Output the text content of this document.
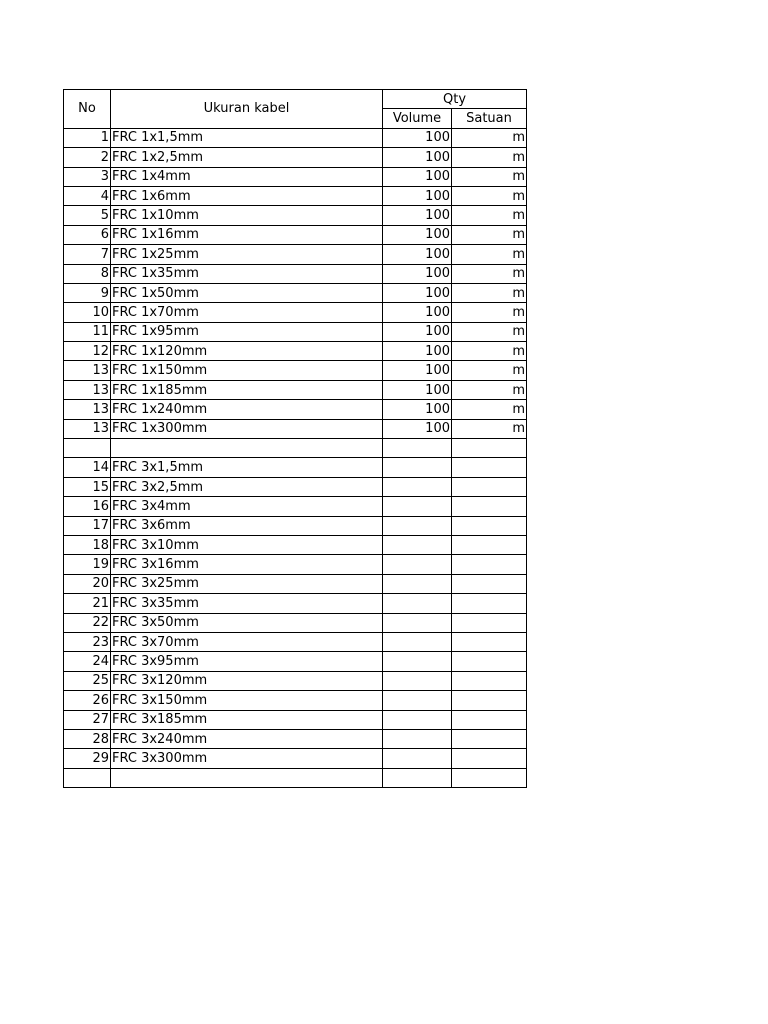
No	Ukuran kabel	Qty	
		Volume	Satuan
1	FRC 1x1,5mm	100	m
2	FRC 1x2,5mm	100	m
3	FRC 1x4mm	100	m
4	FRC 1x6mm	100	m
5	FRC 1x10mm	100	m
6	FRC 1x16mm	100	m
7	FRC 1x25mm	100	m
8	FRC 1x35mm	100	m
9	FRC 1x50mm	100	m
10	FRC 1x70mm	100	m
11	FRC 1x95mm	100	m
12	FRC 1x120mm	100	m
13	FRC 1x150mm	100	m
13	FRC 1x185mm	100	m
13	FRC 1x240mm	100	m
13	FRC 1x300mm	100	m

14	FRC 3x1,5mm		
15	FRC 3x2,5mm		
16	FRC 3x4mm		
17	FRC 3x6mm		
18	FRC 3x10mm		
19	FRC 3x16mm		
20	FRC 3x25mm		
21	FRC 3x35mm		
22	FRC 3x50mm		
23	FRC 3x70mm		
24	FRC 3x95mm		
25	FRC 3x120mm		
26	FRC 3x150mm		
27	FRC 3x185mm		
28	FRC 3x240mm		
29	FRC 3x300mm		
